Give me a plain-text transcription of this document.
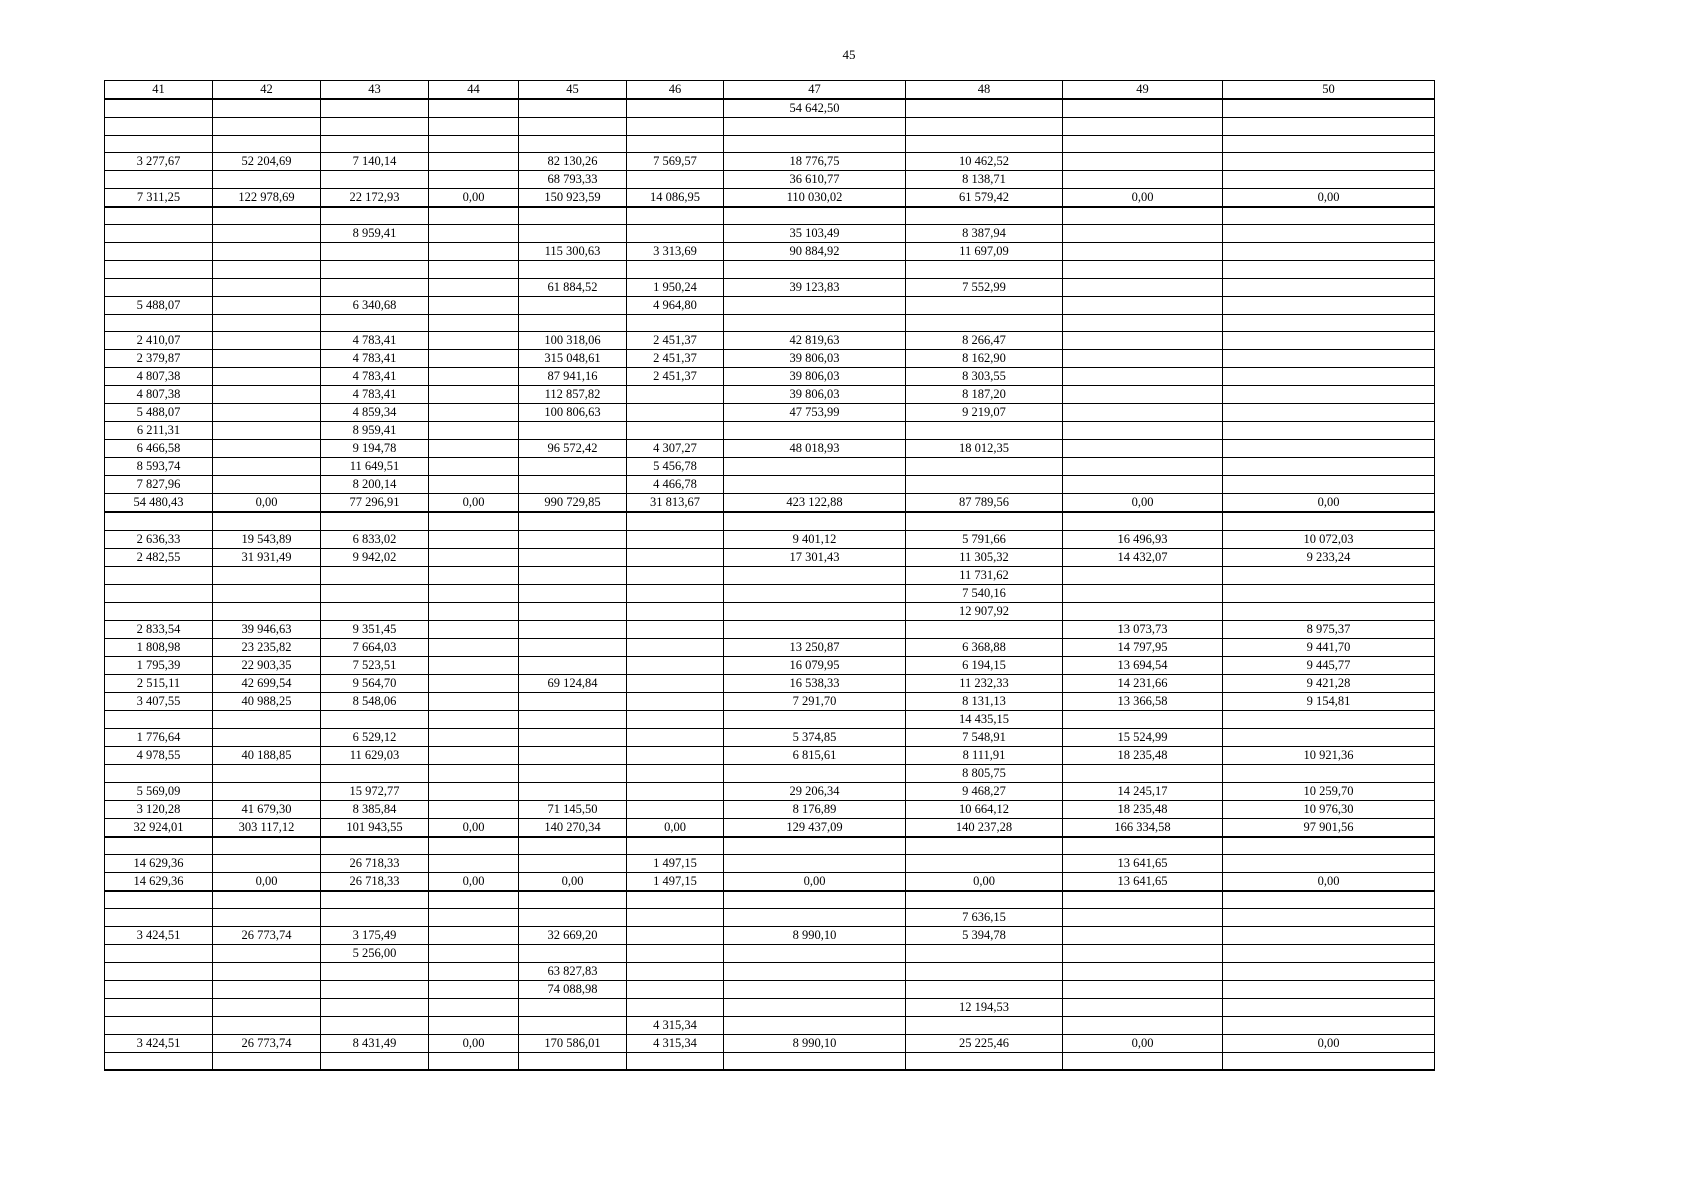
45
41	42	43	44	45	46	47	48	49	50
						54 642,50			

3 277,67	52 204,69	7 140,14		82 130,26	7 569,57	18 776,75	10 462,52		
				68 793,33		36 610,77	8 138,71		
7 311,25	122 978,69	22 172,93	0,00	150 923,59	14 086,95	110 030,02	61 579,42	0,00	0,00

		8 959,41				35 103,49	8 387,94		
				115 300,63	3 313,69	90 884,92	11 697,09		

				61 884,52	1 950,24	39 123,83	7 552,99		
5 488,07		6 340,68			4 964,80				

2 410,07		4 783,41		100 318,06	2 451,37	42 819,63	8 266,47		
2 379,87		4 783,41		315 048,61	2 451,37	39 806,03	8 162,90		
4 807,38		4 783,41		87 941,16	2 451,37	39 806,03	8 303,55		
4 807,38		4 783,41		112 857,82		39 806,03	8 187,20		
5 488,07		4 859,34		100 806,63		47 753,99	9 219,07		
6 211,31		8 959,41							
6 466,58		9 194,78		96 572,42	4 307,27	48 018,93	18 012,35		
8 593,74		11 649,51			5 456,78				
7 827,96		8 200,14			4 466,78				
54 480,43	0,00	77 296,91	0,00	990 729,85	31 813,67	423 122,88	87 789,56	0,00	0,00

2 636,33	19 543,89	6 833,02				9 401,12	5 791,66	16 496,93	10 072,03
2 482,55	31 931,49	9 942,02				17 301,43	11 305,32	14 432,07	9 233,24
							11 731,62		
							7 540,16		
							12 907,92		
2 833,54	39 946,63	9 351,45						13 073,73	8 975,37
1 808,98	23 235,82	7 664,03				13 250,87	6 368,88	14 797,95	9 441,70
1 795,39	22 903,35	7 523,51				16 079,95	6 194,15	13 694,54	9 445,77
2 515,11	42 699,54	9 564,70		69 124,84		16 538,33	11 232,33	14 231,66	9 421,28
3 407,55	40 988,25	8 548,06				7 291,70	8 131,13	13 366,58	9 154,81
							14 435,15		
1 776,64		6 529,12				5 374,85	7 548,91	15 524,99	
4 978,55	40 188,85	11 629,03				6 815,61	8 111,91	18 235,48	10 921,36
							8 805,75		
5 569,09		15 972,77				29 206,34	9 468,27	14 245,17	10 259,70
3 120,28	41 679,30	8 385,84		71 145,50		8 176,89	10 664,12	18 235,48	10 976,30
32 924,01	303 117,12	101 943,55	0,00	140 270,34	0,00	129 437,09	140 237,28	166 334,58	97 901,56

14 629,36		26 718,33			1 497,15			13 641,65	
14 629,36	0,00	26 718,33	0,00	0,00	1 497,15	0,00	0,00	13 641,65	0,00

							7 636,15		
3 424,51	26 773,74	3 175,49		32 669,20		8 990,10	5 394,78		
		5 256,00							
				63 827,83					
				74 088,98					
							12 194,53		
					4 315,34				
3 424,51	26 773,74	8 431,49	0,00	170 586,01	4 315,34	8 990,10	25 225,46	0,00	0,00
